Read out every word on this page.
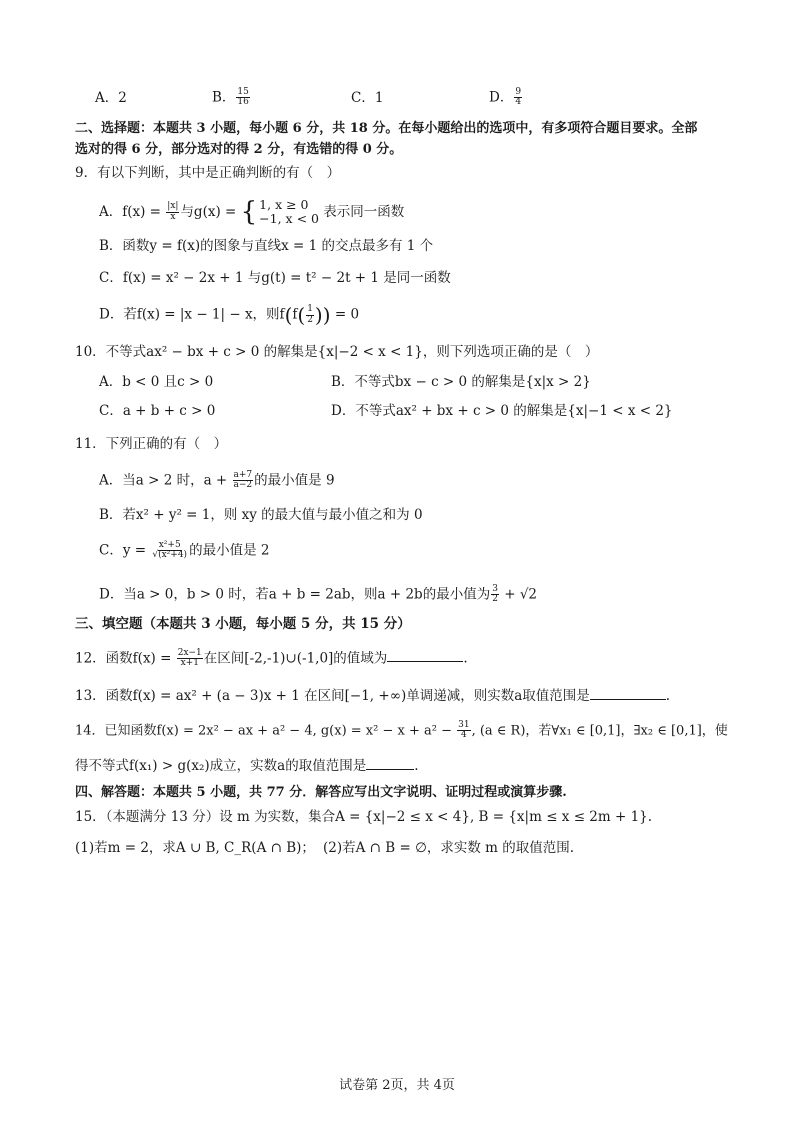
A．2	B． $\frac{15}{16}$	C．1	D． $\frac{9}{4}$
二、选择题：本题共 3 小题，每小题 6 分，共 18 分。在每小题给出的选项中，有多项符合题目要求。全部
选对的得 6 分，部分选对的得 2 分，有选错的得 0 分。
9．有以下判断，其中是正确判断的有（　）
A．$f(x) = \frac{|x|}{x}$ 与g(x) = { 1, x ≥ 0
−1, x < 0 表示同一函数
B．函数y = f(x)的图象与直线x = 1 的交点最多有 1 个
C．f(x) = x² − 2x + 1 与g(t) = t² − 2t + 1 是同一函数
D．若f(x) = |x − 1| − x，则$f(f( \frac{1}{2}$ )) = 0
10．不等式ax² − bx + c > 0 的解集是{x|−2 < x < 1}，则下列选项正确的是（　）
A．b < 0 且c > 0	B．不等式bx − c > 0 的解集是{x|x > 2}
C．a + b + c > 0	D．不等式ax² + bx + c > 0 的解集是{x|−1 < x < 2}
11．下列正确的有（　）
A．当a > 2 时，$a + \frac{a+7}{a-2}$ 的最小值是 9
B．若x² + y² = 1，则 xy 的最大值与最小值之和为 0
C．$y = \frac{\text{x²+5}}{\text{√(x²+4)}}$ 的最小值是 2
D．当a > 0，b > 0 时，若a + b = 2ab，则a + 2b的最小值为 $\frac{3}{2} + √2$
三、填空题（本题共 3 小题，每小题 5 分，共 15 分）
12．函数$f(x) = \frac{2x-1}{x+1}$ 在区间[-2,-1)∪(-1,0]的值域为	.
13．函数f(x) = ax² + (a − 3)x + 1 在区间[−1, +∞)单调递减，则实数a取值范围是	.
14．已知函数f(x) = 2x² − ax + a² − 4, $g(x) = x^2 - x + a^2 - \frac{31}{4}$ , (a ∈ R)，若∀x₁ ∈ [0,1]，∃x₂ ∈ [0,1]，使
得不等式f(x₁) > g(x₂)成立，实数a的取值范围是	.
四、解答题：本题共 5 小题，共 77 分．解答应写出文字说明、证明过程或演算步骤.
15．（本题满分 13 分）设 m 为实数，集合A = {x|−2 ≤ x < 4}, B = {x|m ≤ x ≤ 2m + 1}.
(1)若m = 2，求A ∪ B, C_R(A ∩ B)； (2)若A ∩ B = ∅，求实数 m 的取值范围.
试卷第 2页，共 4页
